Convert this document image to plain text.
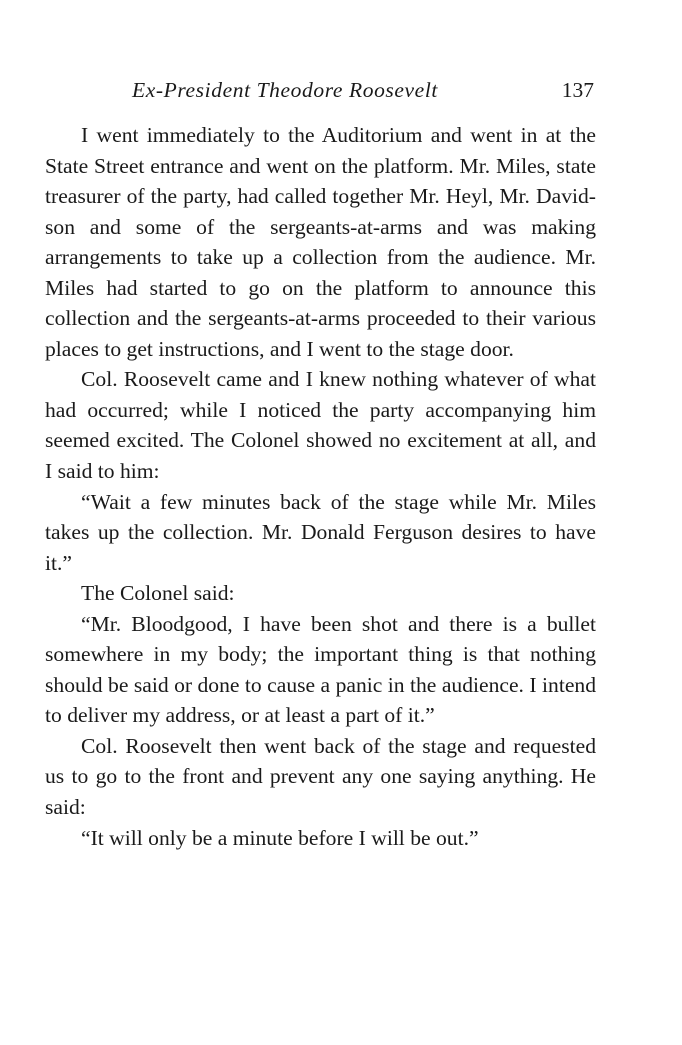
Ex-President Theodore Roosevelt	137

I went immediately to the Auditorium and went in at the State Street entrance and went on the platform. Mr. Miles, state treasurer of the party, had called together Mr. Heyl, Mr. Davidson and some of the sergeants-at-arms and was making arrangements to take up a collection from the audience. Mr. Miles had started to go on the platform to announce this collection and the sergeants-at-arms proceeded to their various places to get instructions, and I went to the stage door.

Col. Roosevelt came and I knew nothing whatever of what had occurred; while I noticed the party accompanying him seemed excited. The Colonel showed no excitement at all, and I said to him:

“Wait a few minutes back of the stage while Mr. Miles takes up the collection. Mr. Donald Ferguson desires to have it.”

The Colonel said:

“Mr. Bloodgood, I have been shot and there is a bullet somewhere in my body; the important thing is that nothing should be said or done to cause a panic in the audience. I intend to deliver my address, or at least a part of it.”

Col. Roosevelt then went back of the stage and requested us to go to the front and prevent any one saying anything. He said:

“It will only be a minute before I will be out.”
